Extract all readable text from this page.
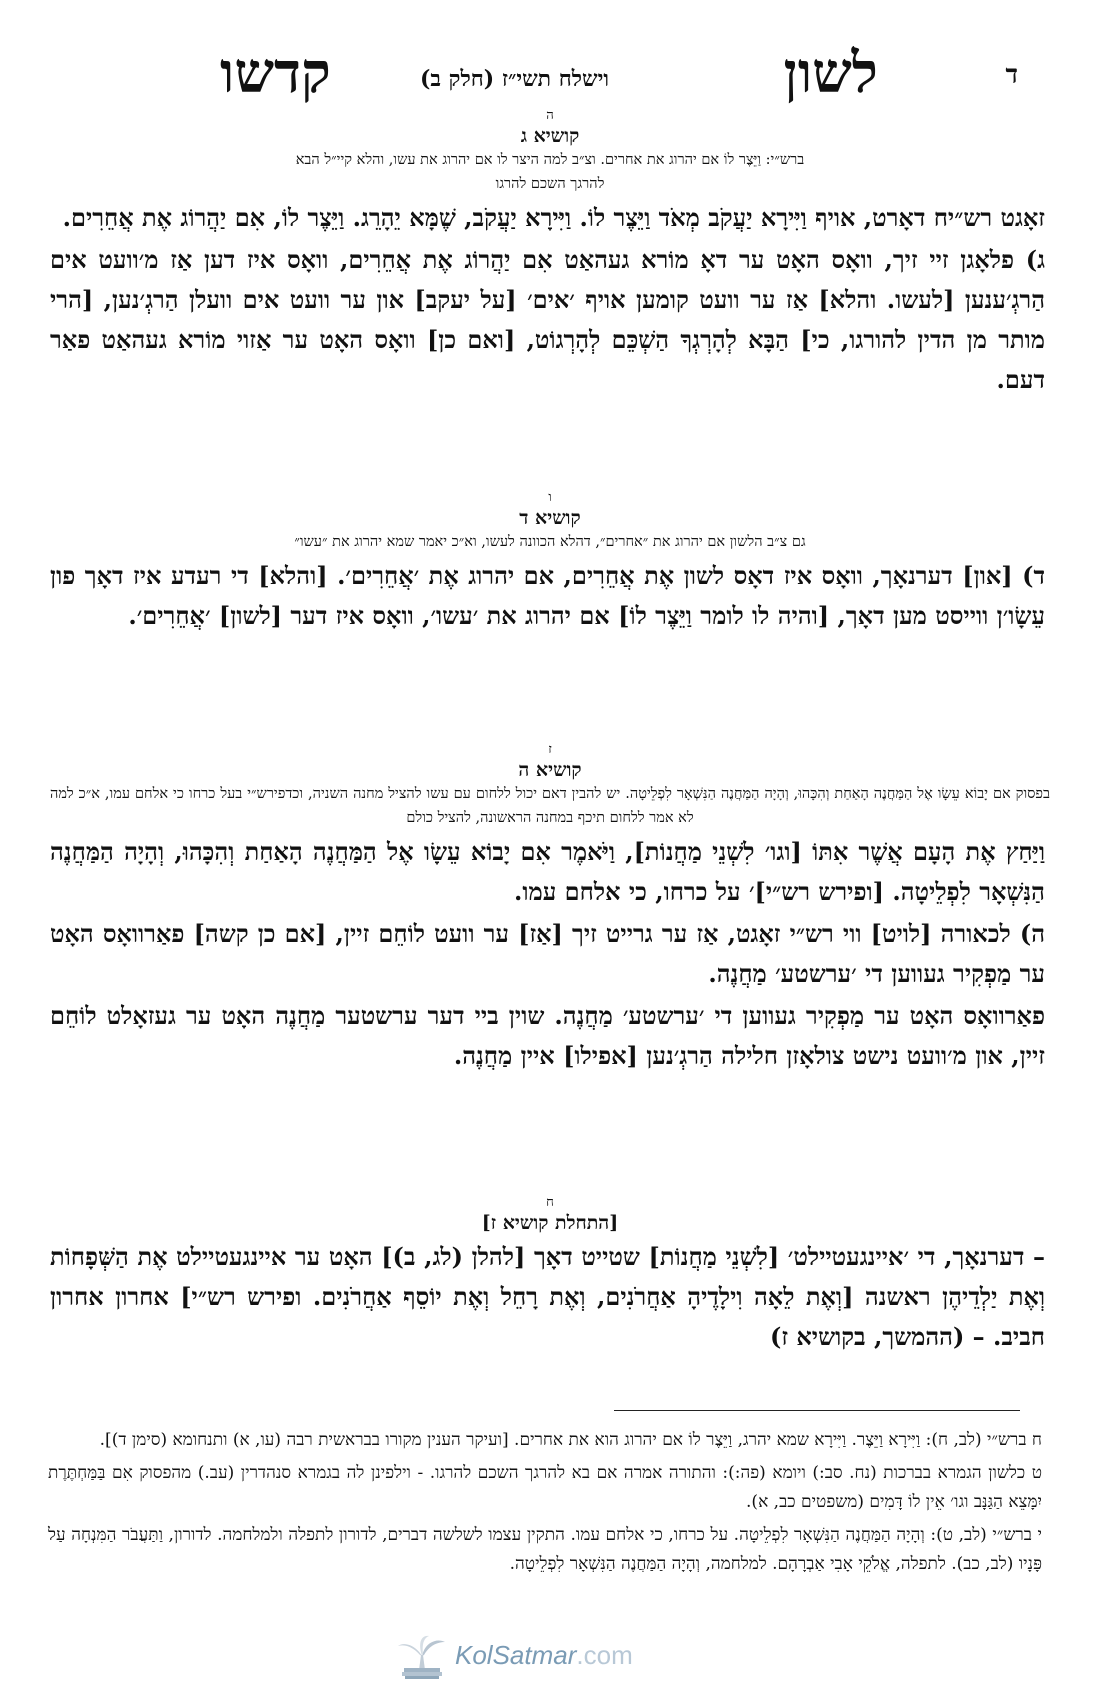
ד
לשון
וישלח תשי״ז (חלק ב)
קדשו
ה
קושיא ג
ברש״י: וַיֵּצֶר לוֹ אם יהרוג את אחרים. וצ״ב למה היצר לו אם יהרוג את עשו, והלא קיי״ל הבא להרגך השכם להרגו
זאָגט רש״יח דאָרט, אויף וַיִּירָא יַעֲקֹב מְאֹד וַיֵּצֶר לוֹ. וַיִּירָא יַעֲקֹב, שֶׁמָּא יֵהָרֵג. וַיֵּצֶר לוֹ, אִם יַהֲרוֹג אֶת אֲחֵרִים.
ג) פלאָגן זיי זיך, וואָס האָט ער דאָ מוֹרא געהאַט אִם יַהֲרוֹג אֶת אֲחֵרִים, וואָס איז דען אַז מ׳וועט אים הַרגְ׳ענען [לעשו. והלא] אַז ער וועט קומען אויף ׳אים׳ [על יעקב] און ער וועט אים וועלן הַרגְ׳נען, [הרי מותר מן הדין להורגו, כי] הַבָּא לְהָרְגְךָ הַשְׁכֵּם לְהָרְגוֹט, [ואם כן] וואָס האָט ער אַזוי מוֹרא געהאַט פאַר דעם.
ו
קושיא ד
גם צ״ב הלשון אם יהרוג את ״אחרים״, דהלא הכוונה לעשו, וא״כ יאמר שמא יהרוג את ״עשו״
ד) [און] דערנאָך, וואָס איז דאָס לשון אֶת אֲחֵרִים, אם יהרוג אֶת ׳אֲחֵרִים׳. [והלא] די רעדע איז דאָך פון עֵשָׂו׳ן ווייסט מען דאָך, [והיה לו לומר וַיֵּצֶר לוֹ] אם יהרוג את ׳עשו׳, וואָס איז דער [לשון] ׳אֲחֵרִים׳.
ז
קושיא ה
בפסוק אם יָבוֹא עֵשָׂו אֶל הַמַּחֲנֶה הָאַחַת וְהִכָּהוּ, וְהָיָה הַמַּחֲנֶה הַנִּשְׁאָר לִפְלֵיטָה. יש להבין דאם יכול ללחום עם עשו להציל מחנה השניה, וכדפירש״י בעל כרחו כי אלחם עמו, א״כ למה לא אמר ללחום תיכף במחנה הראשונה, להציל כולם
וַיַּחַץ אֶת הָעָם אֲשֶׁר אִתּוֹ [וגו׳ לִשְׁנֵי מַחֲנוֹת], וַיֹּאמֶר אִם יָבוֹא עֵשָׂו אֶל הַמַּחֲנֶה הָאַחַת וְהִכָּהוּ, וְהָיָה הַמַּחֲנֶה הַנִּשְׁאָר לִפְלֵיטָה. [ופירש רש״י]׳ על כרחו, כי אלחם עמו.
ה) לכאורה [לויט] ווי רש״י זאָגט, אַז ער גרייט זיך [אַז] ער וועט לוֹחֵם זיין, [אם כן קשה] פאַרוואָס האָט ער מַפְקִיר געווען די ׳ערשטע׳ מַחֲנֶה.
פאַרוואָס האָט ער מַפְקִיר געווען די ׳ערשטע׳ מַחֲנֶה. שוין ביי דער ערשטער מַחֲנֶה האָט ער געזאָלט לוֹחֵם זיין, און מ׳וועט נישט צולאָזן חלילה הַרגְ׳נען [אפילו] איין מַחֲנֶה.
ח
[התחלת קושיא ז]
– דערנאָך, די ׳איינגעטיילט׳ [לִשְׁנֵי מַחֲנוֹת] שטייט דאָך [להלן (לג, ב)] האָט ער איינגעטיילט אֶת הַשְּׁפָחוֹת וְאֶת יַלְדֵיהֶן ראשנה [וְאֶת לֵאָה וִילָדֶיהָ אַחֲרֹנִים, וְאֶת רָחֵל וְאֶת יוֹסֵף אַחֲרֹנִים. ופירש רש״י] אחרון אחרון חביב. – (ההמשך, בקושיא ז)

ח ברש״י (לב, ח): וַיִּירָא וַיֵּצֶר. וַיִּירָא שמא יהרג, וַיֵּצֶר לוֹ אם יהרוג הוא את אחרים. [ועיקר הענין מקורו בבראשית רבה (עו, א) ותנחומא (סימן ד)].

ט כלשון הגמרא בברכות (נח. סב:) ויומא (פה:): והתורה אמרה אם בא להרגך השכם להרגו. - וילפינן לה בגמרא סנהדרין (עב.) מהפסוק אִם בַּמַּחְתֶּרֶת יִמָּצֵא הַגַּנָּב וגו׳ אֵין לוֹ דָּמִים (משפטים כב, א).

י ברש״י (לב, ט): וְהָיָה הַמַּחֲנֶה הַנִּשְׁאָר לִפְלֵיטָה. על כרחו, כי אלחם עמו. התקין עצמו לשלשה דברים, לדורון לתפלה ולמלחמה. לדורון, וַתַּעֲבֹר הַמִּנְחָה עַל פָּנָיו (לב, כב). לתפלה, אֱלֹקֵי אָבִי אַבְרָהָם. למלחמה, וְהָיָה הַמַּחֲנֶה הַנִּשְׁאָר לִפְלֵיטָה.

KolSatmar.com
